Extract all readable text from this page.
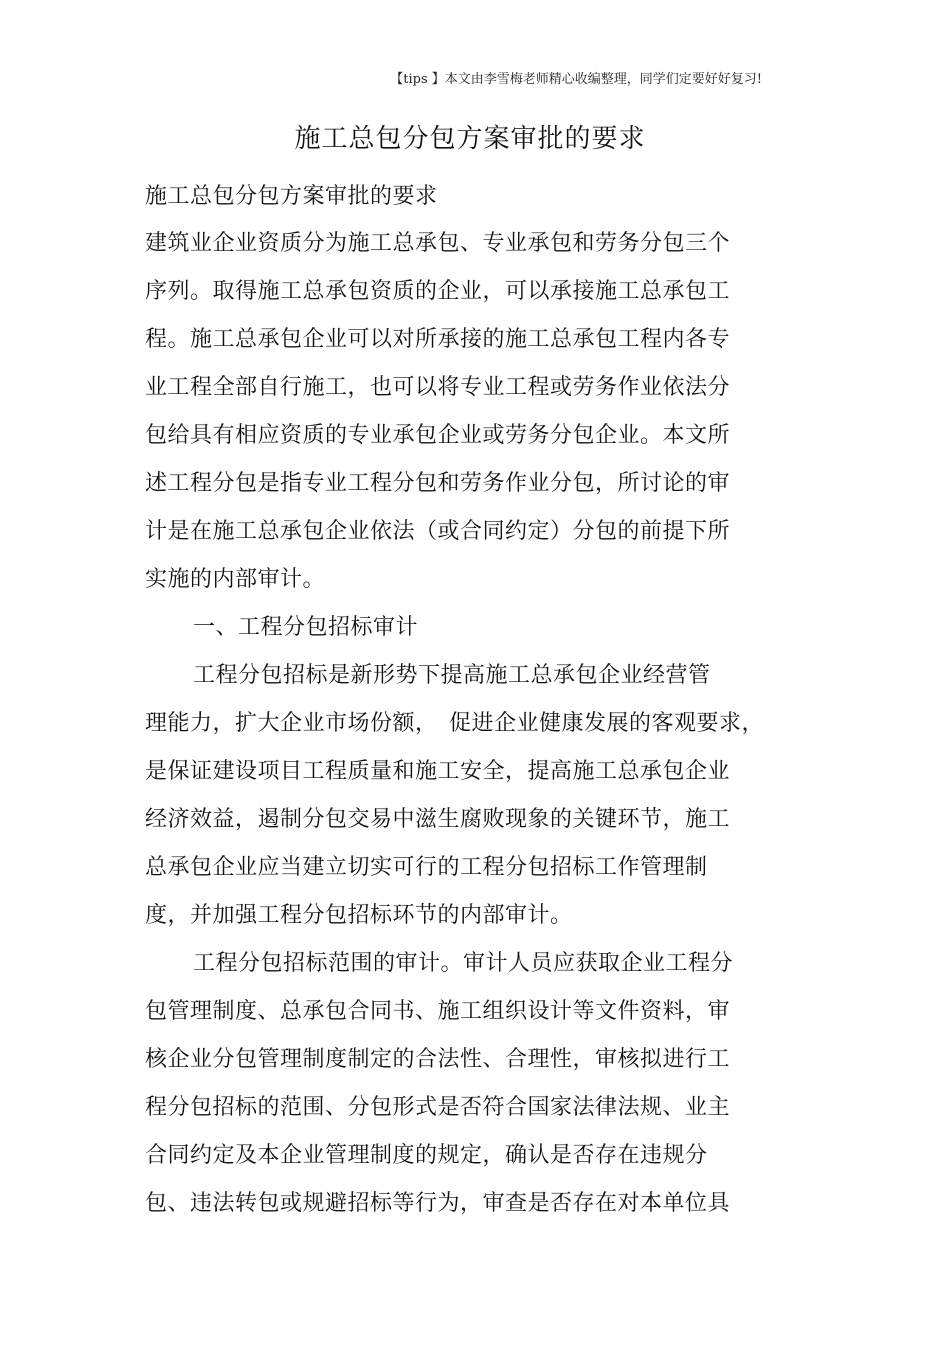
【tips 】本文由李雪梅老师精心收编整理，同学们定要好好复习!
施工总包分包方案审批的要求
施工总包分包方案审批的要求
建筑业企业资质分为施工总承包、专业承包和劳务分包三个
序列。取得施工总承包资质的企业，可以承接施工总承包工
程。施工总承包企业可以对所承接的施工总承包工程内各专
业工程全部自行施工，也可以将专业工程或劳务作业依法分
包给具有相应资质的专业承包企业或劳务分包企业。本文所
述工程分包是指专业工程分包和劳务作业分包，所讨论的审
计是在施工总承包企业依法（或合同约定）分包的前提下所
实施的内部审计。
一、工程分包招标审计
工程分包招标是新形势下提高施工总承包企业经营管
理能力，扩大企业市场份额，　促进企业健康发展的客观要求，
是保证建设项目工程质量和施工安全，提高施工总承包企业
经济效益，遏制分包交易中滋生腐败现象的关键环节，施工
总承包企业应当建立切实可行的工程分包招标工作管理制
度，并加强工程分包招标环节的内部审计。
工程分包招标范围的审计。审计人员应获取企业工程分
包管理制度、总承包合同书、施工组织设计等文件资料，审
核企业分包管理制度制定的合法性、合理性，审核拟进行工
程分包招标的范围、分包形式是否符合国家法律法规、业主
合同约定及本企业管理制度的规定，确认是否存在违规分
包、违法转包或规避招标等行为，审查是否存在对本单位具
